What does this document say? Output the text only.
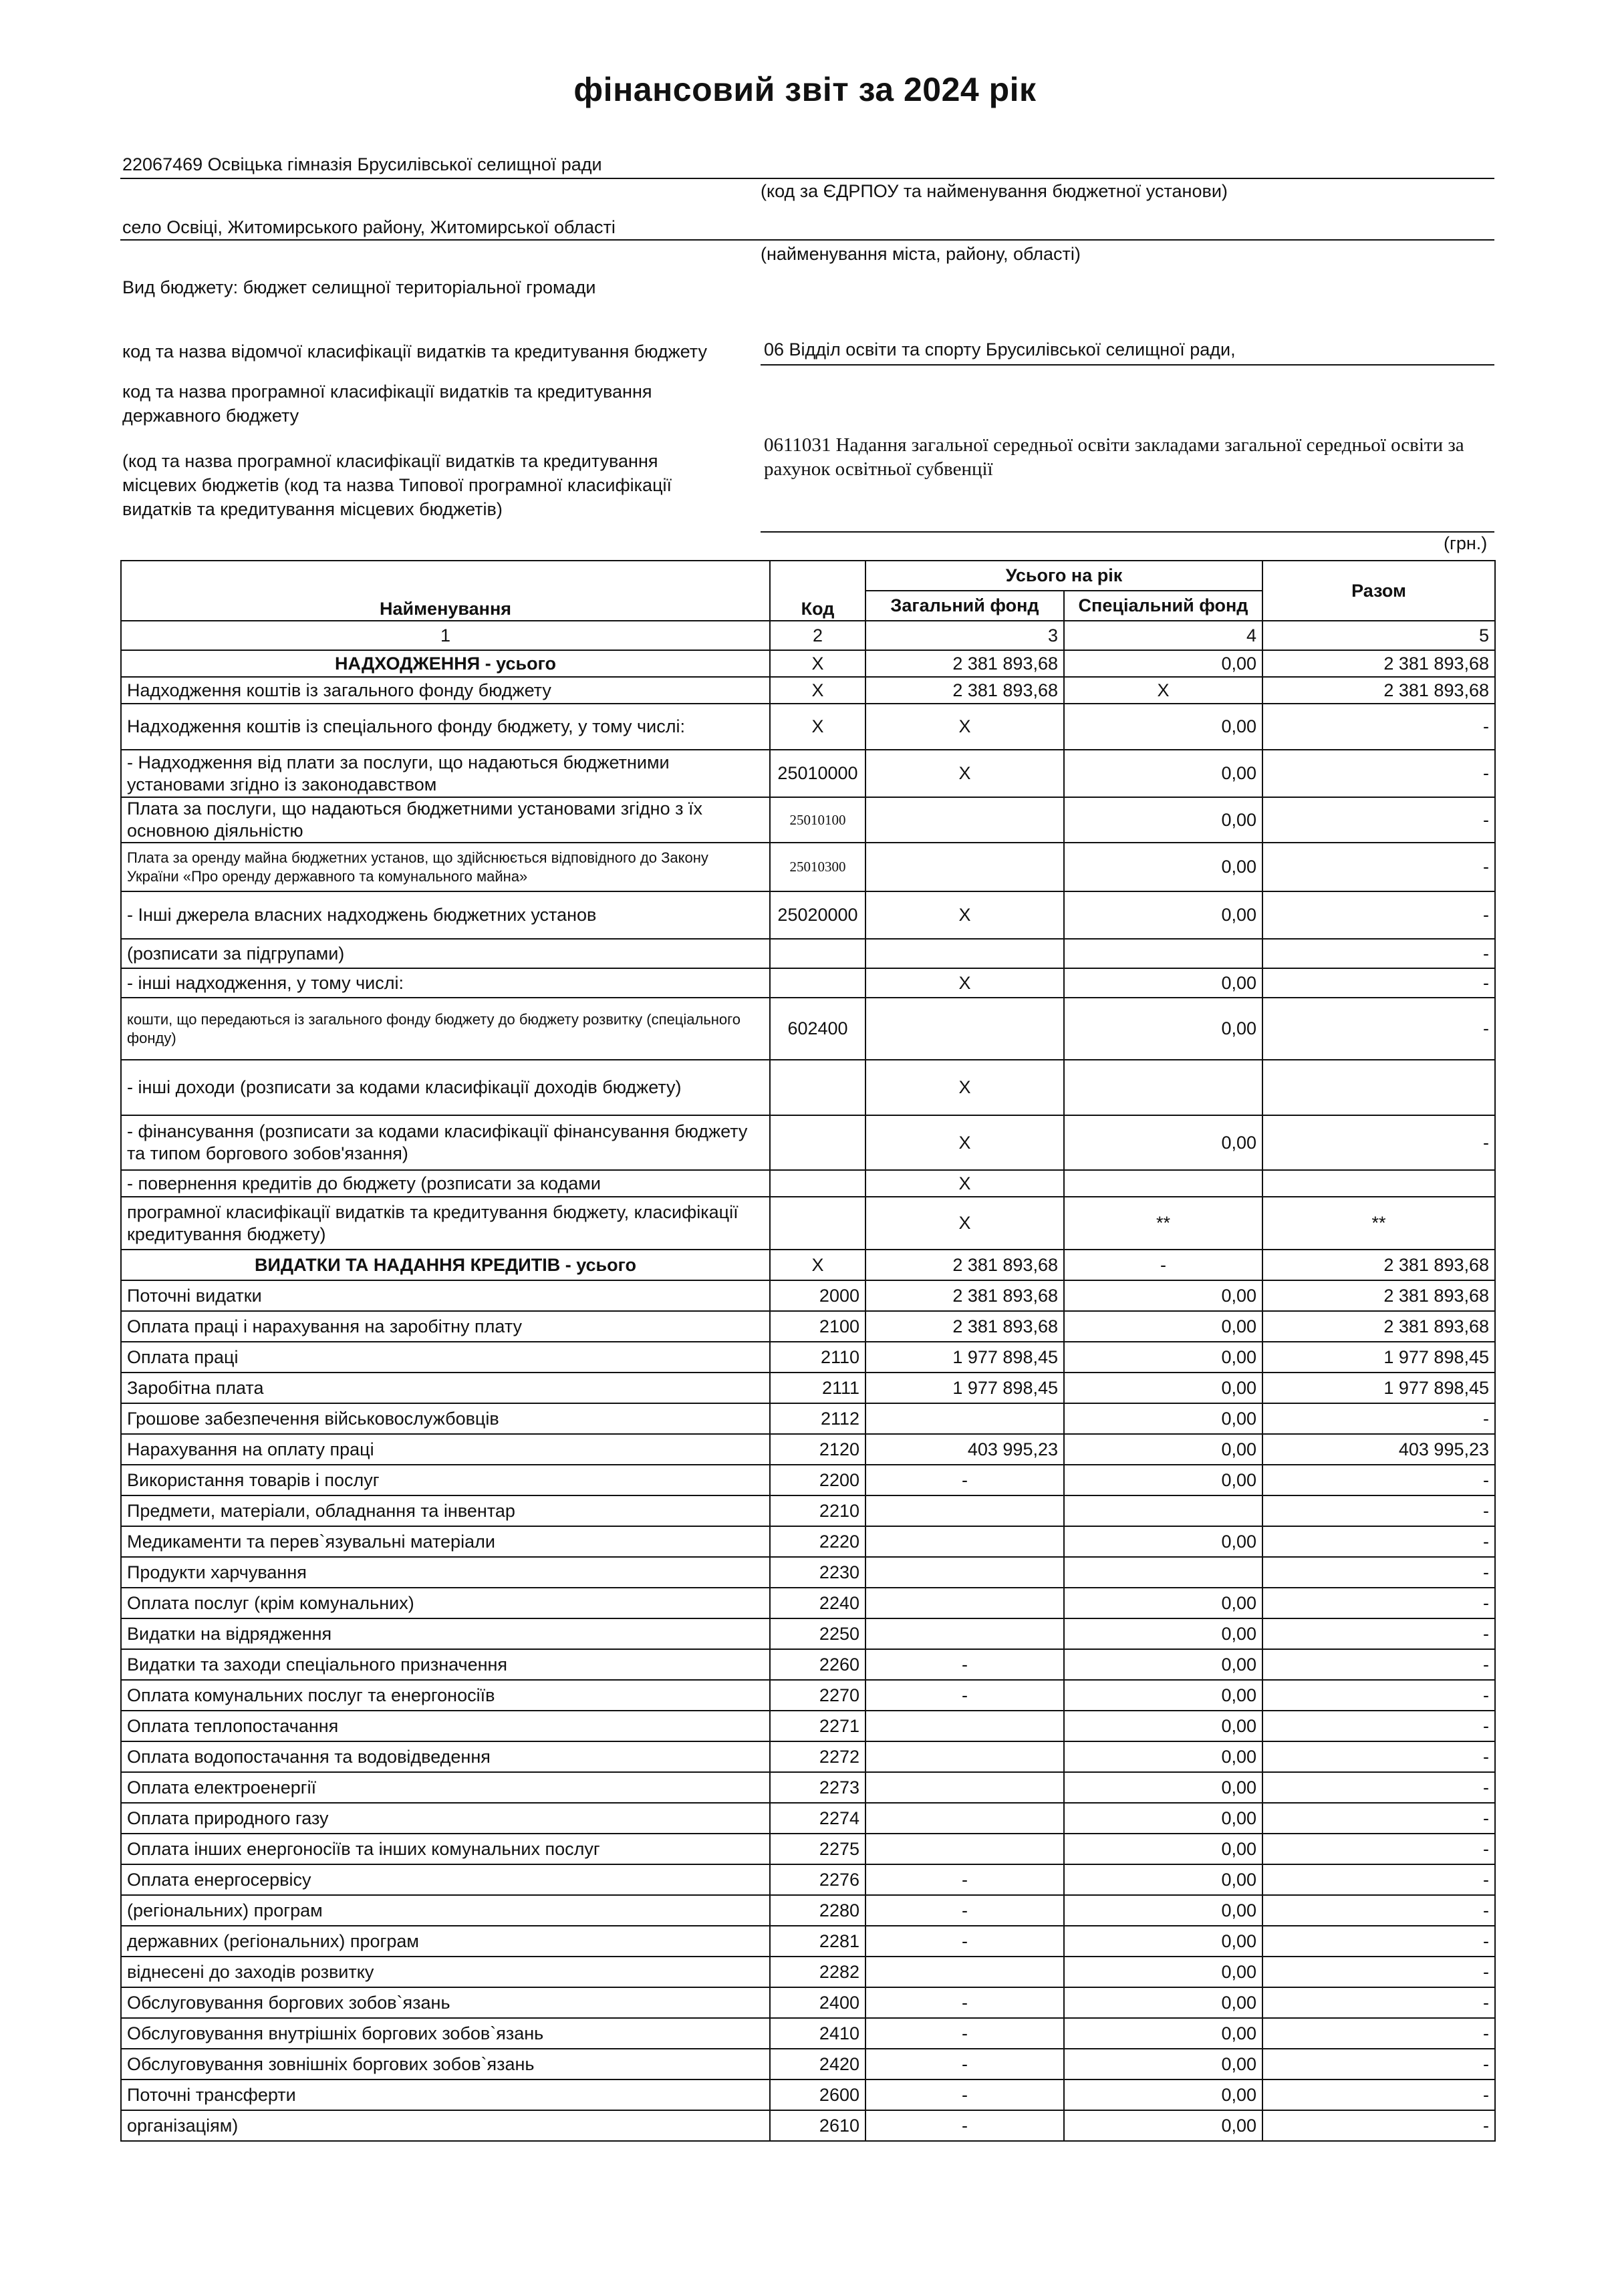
фінансовий звіт за 2024 рік
22067469 Освіцька гімназія Брусилівської селищної ради
(код за ЄДРПОУ та найменування бюджетної установи)
село Освіці, Житомирського району, Житомирської області
(найменування міста, району, області)
Вид бюджету: бюджет селищної територіальної громади
код та назва відомчої класифікації видатків та кредитування бюджету	06 Відділ освіти та спорту Брусилівської селищної ради,
код та назва програмної класифікації видатків та кредитування державного бюджету
(код та назва програмної класифікації видатків та кредитування місцевих бюджетів (код та назва Типової програмної класифікації видатків та кредитування місцевих бюджетів)
0611031 Надання загальної середньої освіти закладами загальної середньої освіти за рахунок освітньої субвенції
(грн.)
Найменування	Код	Усього на рік		Разом
		Загальний фонд	Спеціальний фонд	
1	2	3	4	5
НАДХОДЖЕННЯ - усього	X	2 381 893,68	0,00	2 381 893,68
Надходження коштів із загального фонду бюджету	X	2 381 893,68	X	2 381 893,68
Надходження коштів із спеціального фонду бюджету, у тому числі:	X	X	0,00	-
- Надходження від плати за послуги, що надаються бюджетними установами згідно із законодавством	25010000	X	0,00	-
Плата за послуги, що надаються бюджетними установами згідно з їх основною діяльністю	25010100		0,00	-
Плата за оренду майна бюджетних установ, що здійснюється відповідного до Закону України «Про оренду державного та комунального майна»	25010300		0,00	-
- Інші джерела власних надходжень бюджетних установ	25020000	X	0,00	-
(розписати за підгрупами)				-
- інші надходження, у тому числі:		X	0,00	-
кошти, що передаються із загального фонду бюджету до бюджету розвитку (спеціального фонду)	602400		0,00	-
- інші доходи (розписати за кодами класифікації доходів бюджету)		X		
- фінансування (розписати за кодами класифікації фінансування бюджету та типом боргового зобов'язання)		X	0,00	-
- повернення кредитів до бюджету (розписати за кодами		X		
програмної класифікації видатків та кредитування бюджету, класифікації кредитування бюджету)		X	**	**
ВИДАТКИ ТА НАДАННЯ КРЕДИТІВ - усього	X	2 381 893,68	-	2 381 893,68
Поточні видатки	2000	2 381 893,68	0,00	2 381 893,68
Оплата праці і нарахування на заробітну плату	2100	2 381 893,68	0,00	2 381 893,68
Оплата праці	2110	1 977 898,45	0,00	1 977 898,45
Заробітна плата	2111	1 977 898,45	0,00	1 977 898,45
Грошове забезпечення військовослужбовців	2112		0,00	-
Нарахування на оплату праці	2120	403 995,23	0,00	403 995,23
Використання товарів і послуг	2200	-	0,00	-
Предмети, матеріали, обладнання та інвентар	2210			-
Медикаменти та перев`язувальні матеріали	2220		0,00	-
Продукти харчування	2230			-
Оплата послуг (крім комунальних)	2240		0,00	-
Видатки на відрядження	2250		0,00	-
Видатки та заходи спеціального призначення	2260	-	0,00	-
Оплата комунальних послуг та енергоносіїв	2270	-	0,00	-
Оплата теплопостачання	2271		0,00	-
Оплата водопостачання та водовідведення	2272		0,00	-
Оплата електроенергії	2273		0,00	-
Оплата природного газу	2274		0,00	-
Оплата інших енергоносіїв та інших комунальних послуг	2275		0,00	-
Оплата енергосервісу	2276	-	0,00	-
(регіональних) програм	2280	-	0,00	-
державних (регіональних) програм	2281	-	0,00	-
віднесені до заходів розвитку	2282		0,00	-
Обслуговування боргових зобов`язань	2400	-	0,00	-
Обслуговування внутрішніх боргових зобов`язань	2410	-	0,00	-
Обслуговування зовнішніх боргових зобов`язань	2420	-	0,00	-
Поточні трансферти	2600	-	0,00	-
організаціям)	2610	-	0,00	-
